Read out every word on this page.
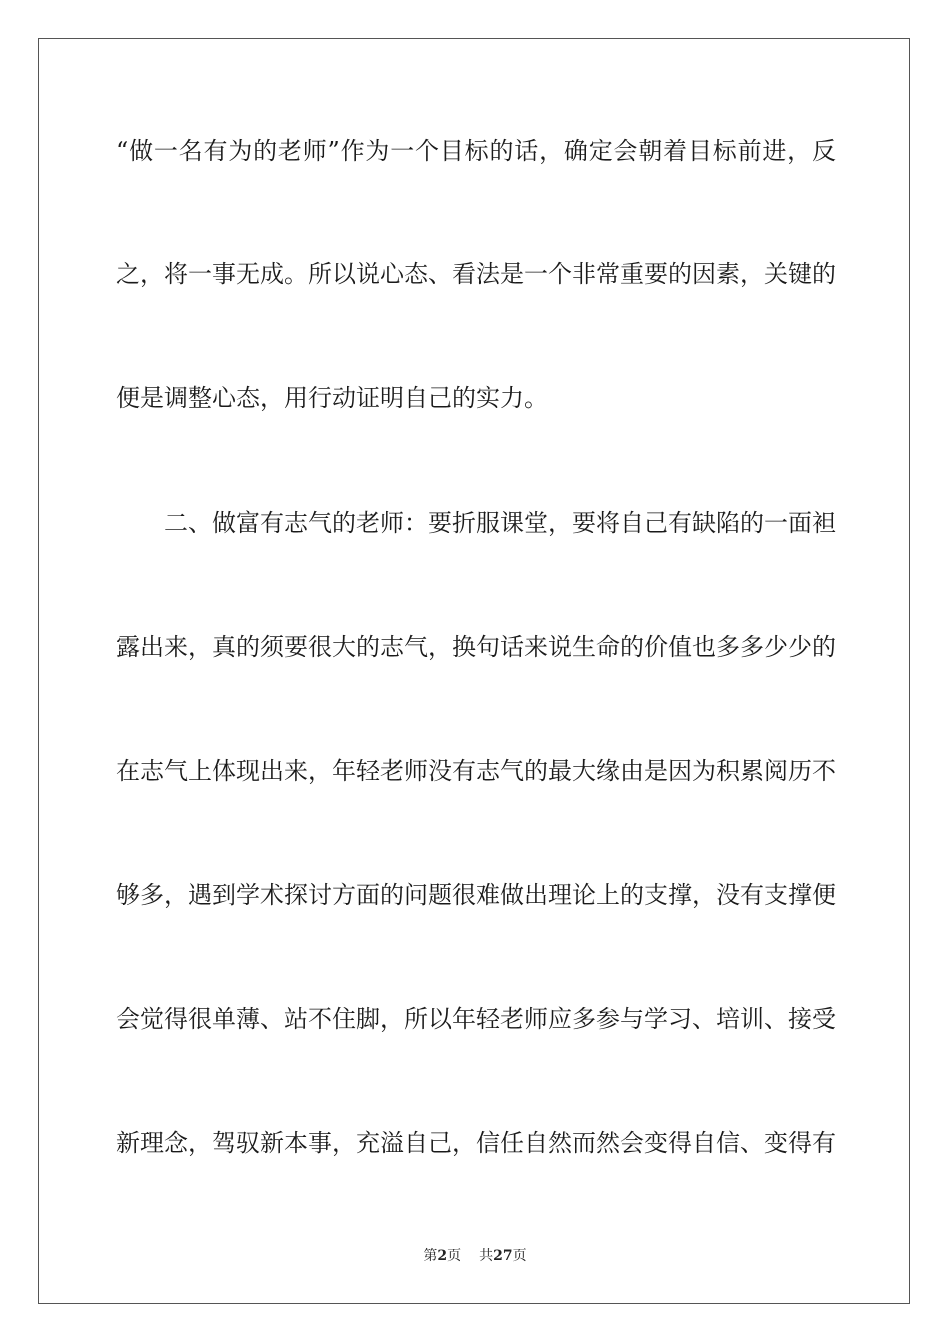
“做一名有为的老师”作为一个目标的话，确定会朝着目标前进，反
之，将一事无成。所以说心态、看法是一个非常重要的因素，关键的
便是调整心态，用行动证明自己的实力。
二、做富有志气的老师：要折服课堂，要将自己有缺陷的一面袒
露出来，真的须要很大的志气，换句话来说生命的价值也多多少少的
在志气上体现出来，年轻老师没有志气的最大缘由是因为积累阅历不
够多，遇到学术探讨方面的问题很难做出理论上的支撑，没有支撑便
会觉得很单薄、站不住脚，所以年轻老师应多参与学习、培训、接受
新理念，驾驭新本事，充溢自己，信任自然而然会变得自信、变得有
第2页 共27页
